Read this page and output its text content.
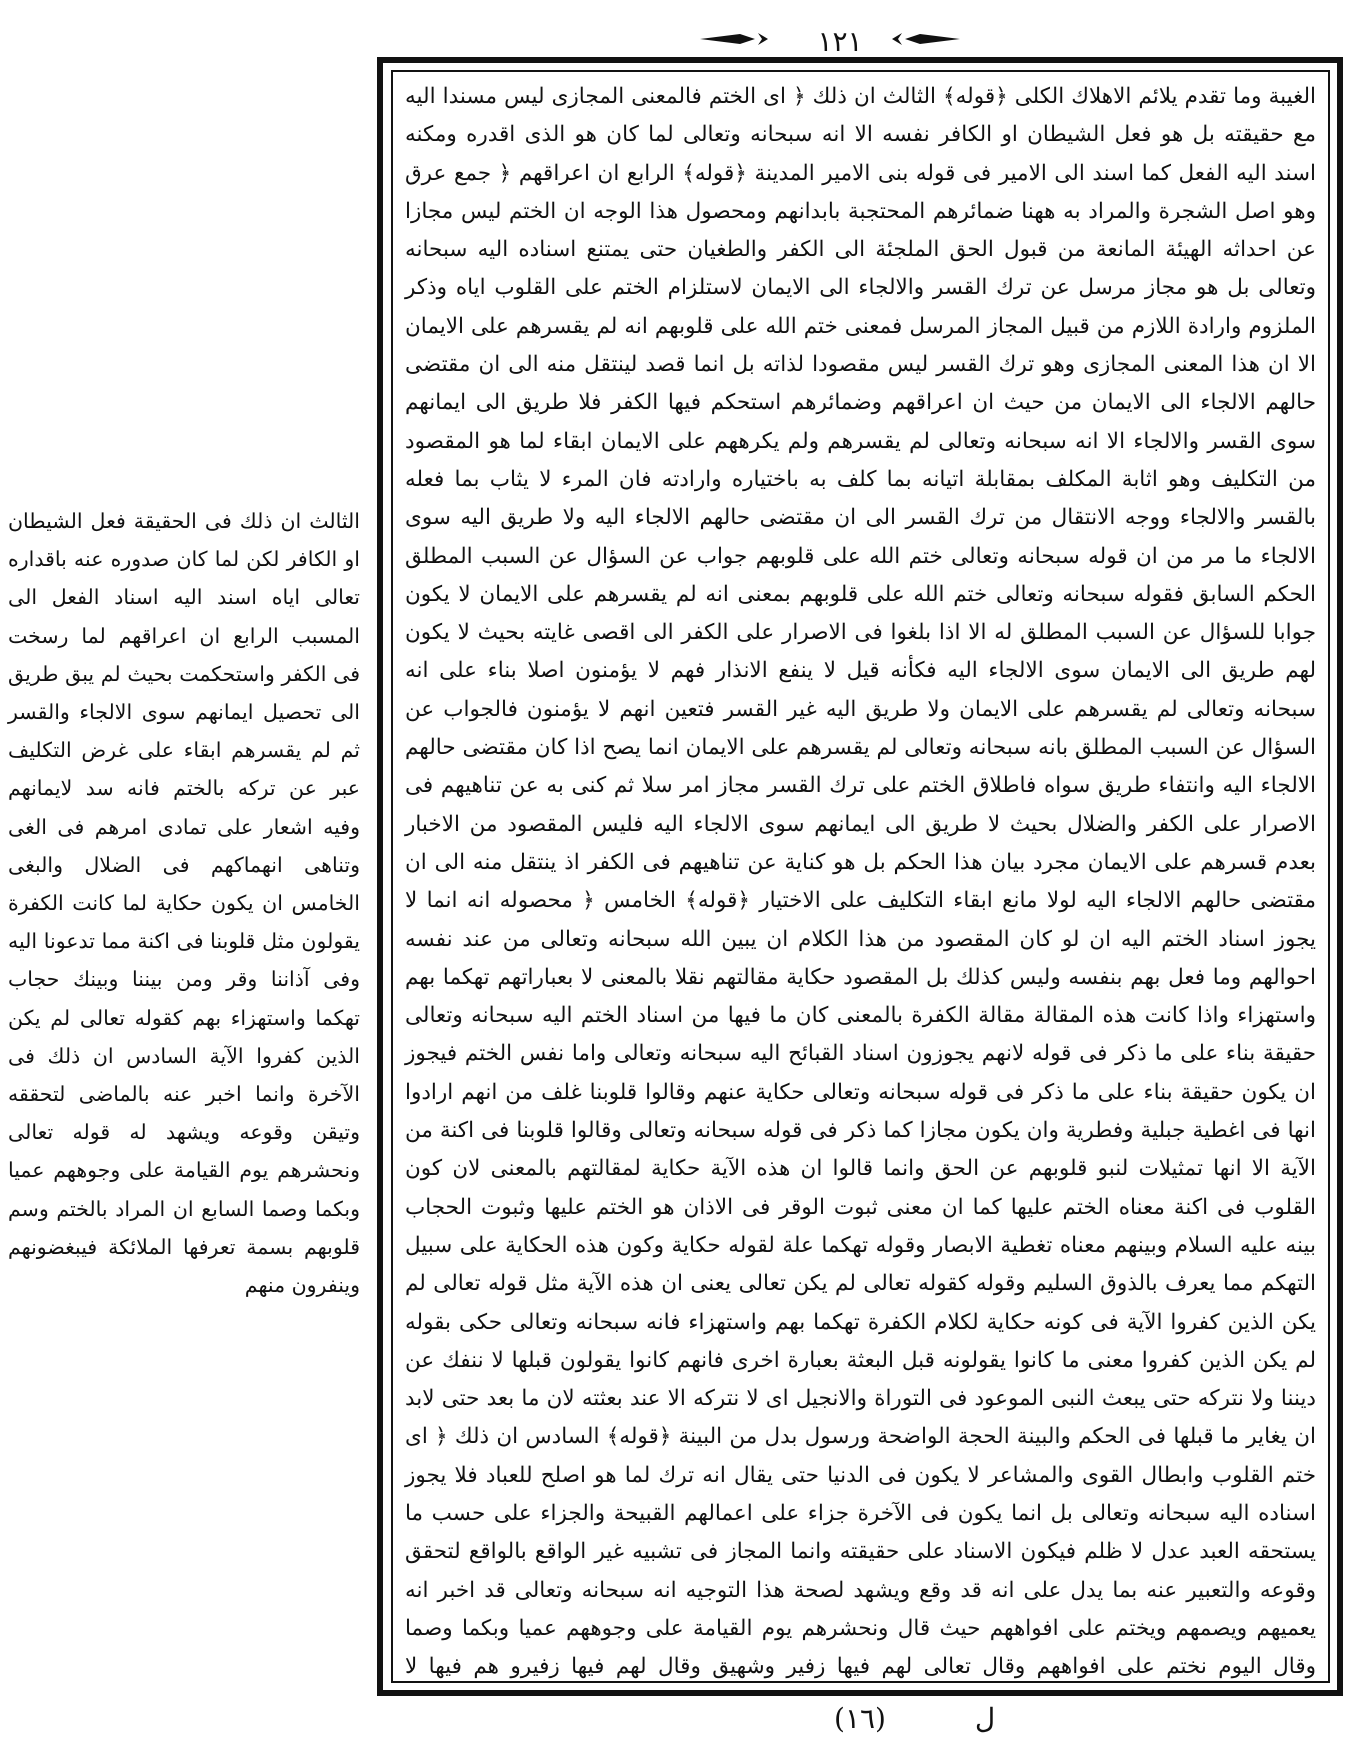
١٢١

الغيبة وما تقدم يلائم الاهلاك الكلى ﴿قوله﴾ الثالث ان ذلك ﴿ اى الختم فالمعنى المجازى ليس مسندا اليه مع حقيقته بل هو فعل الشيطان او الكافر نفسه الا انه سبحانه وتعالى لما كان هو الذى اقدره ومكنه اسند اليه الفعل كما اسند الى الامير فى قوله بنى الامير المدينة ﴿قوله﴾ الرابع ان اعراقهم ﴿ جمع عرق وهو اصل الشجرة والمراد به ههنا ضمائرهم المحتجبة بابدانهم ومحصول هذا الوجه ان الختم ليس مجازا عن احداثه الهيئة المانعة من قبول الحق الملجئة الى الكفر والطغيان حتى يمتنع اسناده اليه سبحانه وتعالى بل هو مجاز مرسل عن ترك القسر والالجاء الى الايمان لاستلزام الختم على القلوب اياه وذكر الملزوم وارادة اللازم من قبيل المجاز المرسل فمعنى ختم الله على قلوبهم انه لم يقسرهم على الايمان الا ان هذا المعنى المجازى وهو ترك القسر ليس مقصودا لذاته بل انما قصد لينتقل منه الى ان مقتضى حالهم الالجاء الى الايمان من حيث ان اعراقهم وضمائرهم استحكم فيها الكفر فلا طريق الى ايمانهم سوى القسر والالجاء الا انه سبحانه وتعالى لم يقسرهم ولم يكرههم على الايمان ابقاء لما هو المقصود من التكليف وهو اثابة المكلف بمقابلة اتيانه بما كلف به باختياره وارادته فان المرء لا يثاب بما فعله بالقسر والالجاء ووجه الانتقال من ترك القسر الى ان مقتضى حالهم الالجاء اليه ولا طريق اليه سوى الالجاء ما مر من ان قوله سبحانه وتعالى ختم الله على قلوبهم جواب عن السؤال عن السبب المطلق الحكم السابق فقوله سبحانه وتعالى ختم الله على قلوبهم بمعنى انه لم يقسرهم على الايمان لا يكون جوابا للسؤال عن السبب المطلق له الا اذا بلغوا فى الاصرار على الكفر الى اقصى غايته بحيث لا يكون لهم طريق الى الايمان سوى الالجاء اليه فكأنه قيل لا ينفع الانذار فهم لا يؤمنون اصلا بناء على انه سبحانه وتعالى لم يقسرهم على الايمان ولا طريق اليه غير القسر فتعين انهم لا يؤمنون فالجواب عن السؤال عن السبب المطلق بانه سبحانه وتعالى لم يقسرهم على الايمان انما يصح اذا كان مقتضى حالهم الالجاء اليه وانتفاء طريق سواه فاطلاق الختم على ترك القسر مجاز امر سلا ثم كنى به عن تناهيهم فى الاصرار على الكفر والضلال بحيث لا طريق الى ايمانهم سوى الالجاء اليه فليس المقصود من الاخبار بعدم قسرهم على الايمان مجرد بيان هذا الحكم بل هو كناية عن تناهيهم فى الكفر اذ ينتقل منه الى ان مقتضى حالهم الالجاء اليه لولا مانع ابقاء التكليف على الاختيار ﴿قوله﴾ الخامس ﴿ محصوله انه انما لا يجوز اسناد الختم اليه ان لو كان المقصود من هذا الكلام ان يبين الله سبحانه وتعالى من عند نفسه احوالهم وما فعل بهم بنفسه وليس كذلك بل المقصود حكاية مقالتهم نقلا بالمعنى لا بعباراتهم تهكما بهم واستهزاء واذا كانت هذه المقالة مقالة الكفرة بالمعنى كان ما فيها من اسناد الختم اليه سبحانه وتعالى حقيقة بناء على ما ذكر فى قوله لانهم يجوزون اسناد القبائح اليه سبحانه وتعالى واما نفس الختم فيجوز ان يكون حقيقة بناء على ما ذكر فى قوله سبحانه وتعالى حكاية عنهم وقالوا قلوبنا غلف من انهم ارادوا انها فى اغطية جبلية وفطرية وان يكون مجازا كما ذكر فى قوله سبحانه وتعالى وقالوا قلوبنا فى اكنة من الآية الا انها تمثيلات لنبو قلوبهم عن الحق وانما قالوا ان هذه الآية حكاية لمقالتهم بالمعنى لان كون القلوب فى اكنة معناه الختم عليها كما ان معنى ثبوت الوقر فى الاذان هو الختم عليها وثبوت الحجاب بينه عليه السلام وبينهم معناه تغطية الابصار وقوله تهكما علة لقوله حكاية وكون هذه الحكاية على سبيل التهكم مما يعرف بالذوق السليم وقوله كقوله تعالى لم يكن تعالى يعنى ان هذه الآية مثل قوله تعالى لم يكن الذين كفروا الآية فى كونه حكاية لكلام الكفرة تهكما بهم واستهزاء فانه سبحانه وتعالى حكى بقوله لم يكن الذين كفروا معنى ما كانوا يقولونه قبل البعثة بعبارة اخرى فانهم كانوا يقولون قبلها لا ننفك عن ديننا ولا نتركه حتى يبعث النبى الموعود فى التوراة والانجيل اى لا نتركه الا عند بعثته لان ما بعد حتى لابد ان يغاير ما قبلها فى الحكم والبينة الحجة الواضحة ورسول بدل من البينة ﴿قوله﴾ السادس ان ذلك ﴿ اى ختم القلوب وابطال القوى والمشاعر لا يكون فى الدنيا حتى يقال انه ترك لما هو اصلح للعباد فلا يجوز اسناده اليه سبحانه وتعالى بل انما يكون فى الآخرة جزاء على اعمالهم القبيحة والجزاء على حسب ما يستحقه العبد عدل لا ظلم فيكون الاسناد على حقيقته وانما المجاز فى تشبيه غير الواقع بالواقع لتحقق وقوعه والتعبير عنه بما يدل على انه قد وقع ويشهد لصحة هذا التوجيه انه سبحانه وتعالى قد اخبر انه يعميهم ويصمهم ويختم على افواههم حيث قال ونحشرهم يوم القيامة على وجوههم عميا وبكما وصما وقال اليوم نختم على افواههم وقال تعالى لهم فيها زفير وشهيق وقال لهم فيها زفيرو هم فيها لا

الثالث ان ذلك فى الحقيقة فعل الشيطان او الكافر لكن لما كان صدوره عنه باقداره تعالى اياه اسند اليه اسناد الفعل الى المسبب الرابع ان اعراقهم لما رسخت فى الكفر واستحكمت بحيث لم يبق طريق الى تحصيل ايمانهم سوى الالجاء والقسر ثم لم يقسرهم ابقاء على غرض التكليف عبر عن تركه بالختم فانه سد لايمانهم وفيه اشعار على تمادى امرهم فى الغى وتناهى انهماكهم فى الضلال والبغى الخامس ان يكون حكاية لما كانت الكفرة يقولون مثل قلوبنا فى اكنة مما تدعونا اليه وفى آذاننا وقر ومن بيننا وبينك حجاب تهكما واستهزاء بهم كقوله تعالى لم يكن الذين كفروا الآية السادس ان ذلك فى الآخرة وانما اخبر عنه بالماضى لتحققه وتيقن وقوعه ويشهد له قوله تعالى ونحشرهم يوم القيامة على وجوههم عميا وبكما وصما السابع ان المراد بالختم وسم قلوبهم بسمة تعرفها الملائكة فيبغضونهم وينفرون منهم
(١٦)	ل
